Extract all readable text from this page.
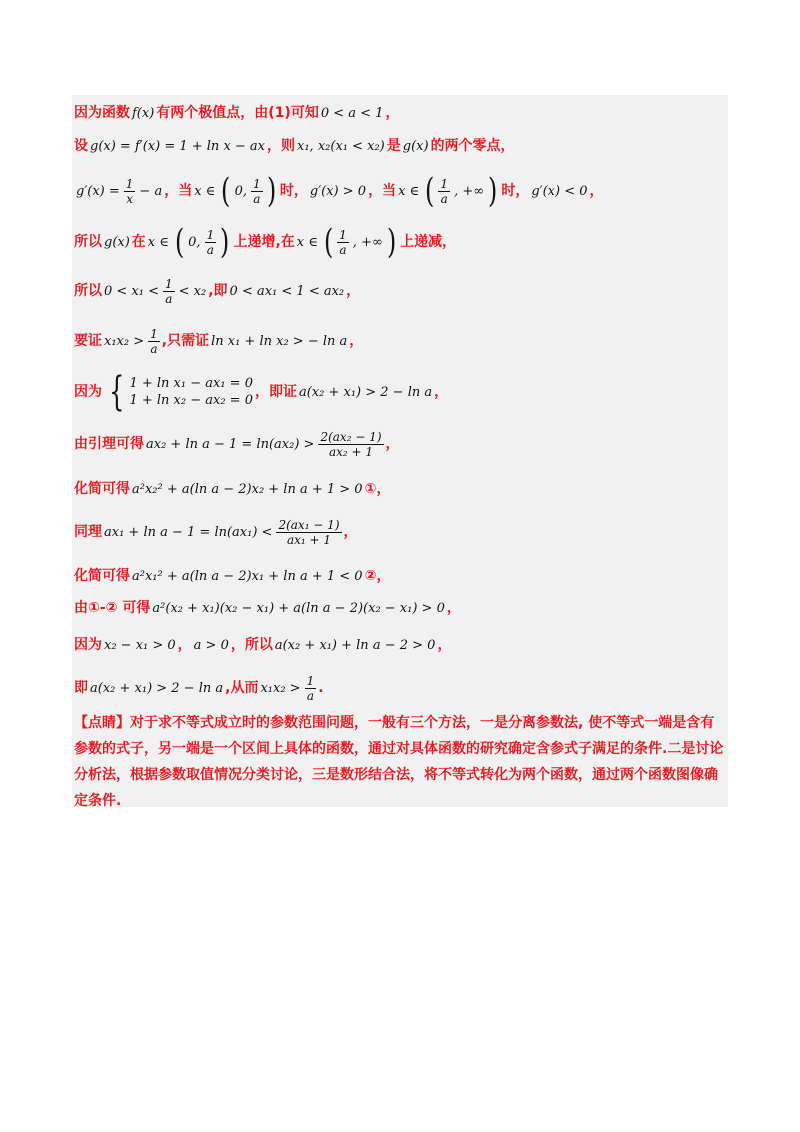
因为函数 f(x) 有两个极值点，由(1)可知 0 < a < 1 ，
设 g(x) = f′(x) = 1 + ln x − ax ，则 x₁, x₂(x₁ < x₂) 是 g(x) 的两个零点，
$g'(x) = \frac{1}{x} - a$ ，当 x ∈ ( 0, $\frac{1}{a}$ ) 时， g′(x) > 0 ，当 x ∈ ( $\frac{1}{a}$ , +∞ ) 时， g′(x) < 0 ，
所以 g(x) 在 x ∈ ( 0, $\frac{1}{a}$ ) 上递增,在 x ∈ ( $\frac{1}{a}$ , +∞ ) 上递减，
所以 $0 < x_1 < \frac{1}{a} < x_2$ ,即 0 < ax₁ < 1 < ax₂ ，
要证 $x_1x_2 > \frac{1}{a}$ ,只需证 ln x₁ + ln x₂ > − ln a ，
因为 { 1 + ln x₁ − ax₁ = 0
1 + ln x₂ − ax₂ = 0
，即证 a(x₂ + x₁) > 2 − ln a ，
由引理可得 $ax_2 + \ln a - 1 = \ln(ax_2) > \frac{\text{2(ax₂ − 1)}}{\text{ax₂ + 1}}$ ，
化简可得 a²x₂² + a(ln a − 2)x₂ + ln a + 1 > 0 ① ，
同理 $ax_1 + \ln a - 1 = \ln(ax_1) < \frac{\text{2(ax₁ − 1)}}{\text{ax₁ + 1}}$ ，
化简可得 a²x₁² + a(ln a − 2)x₁ + ln a + 1 < 0 ② ，
由①-② 可得 a²(x₂ + x₁)(x₂ − x₁) + a(ln a − 2)(x₂ − x₁) > 0 ，
因为 x₂ − x₁ > 0 ， a > 0 ，所以 a(x₂ + x₁) + ln a − 2 > 0 ，
即 a(x₂ + x₁) > 2 − ln a ,从而 $x_1x_2 > \frac{1}{a}$ .
【点睛】对于求不等式成立时的参数范围问题，一般有三个方法，一是分离参数法, 使不等式一端是含有参数的式子，另一端是一个区间上具体的函数，通过对具体函数的研究确定含参式子满足的条件.二是讨论分析法，根据参数取值情况分类讨论，三是数形结合法，将不等式转化为两个函数，通过两个函数图像确定条件.
